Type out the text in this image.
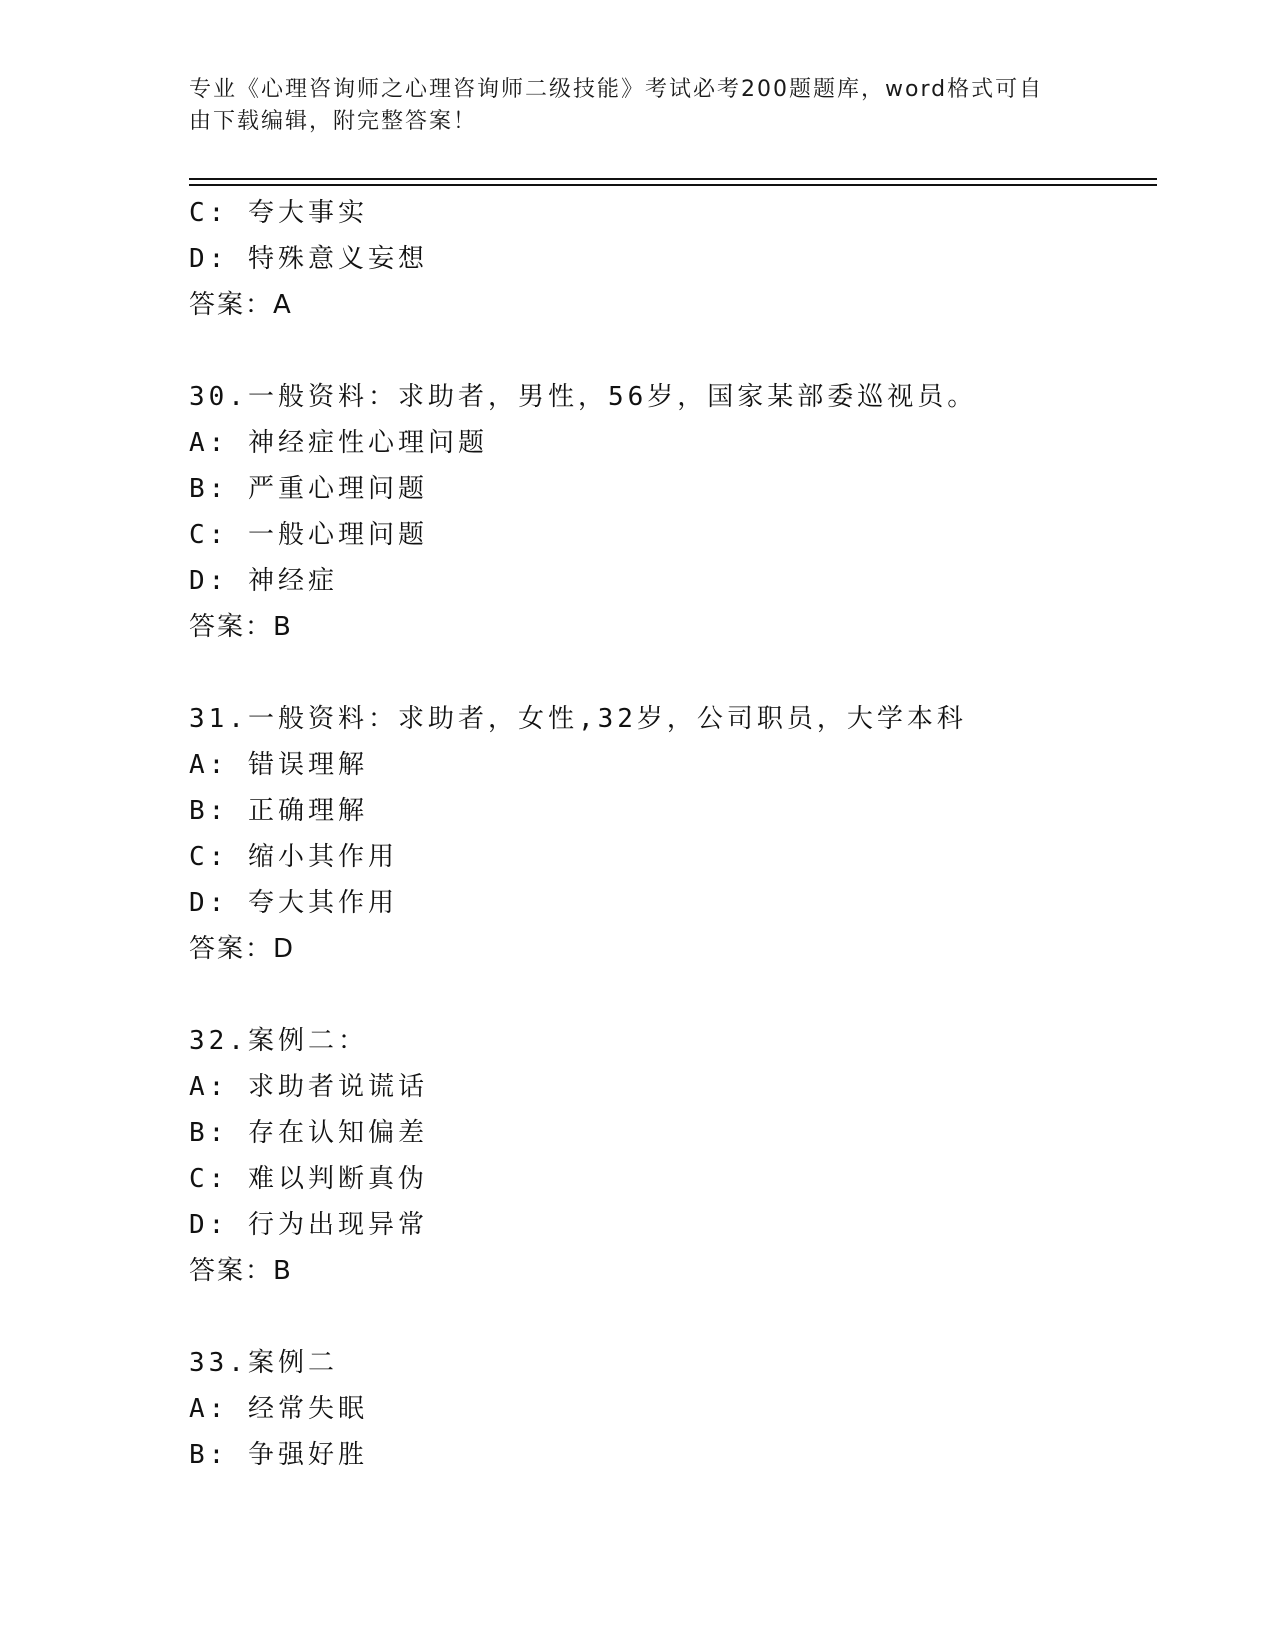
专业《心理咨询师之心理咨询师二级技能》考试必考200题题库，word格式可自
由下载编辑，附完整答案！
C: 夸大事实
D: 特殊意义妄想
答案：A
30.一般资料：求助者，男性，56岁，国家某部委巡视员。
A: 神经症性心理问题
B: 严重心理问题
C: 一般心理问题
D: 神经症
答案：B
31.一般资料：求助者，女性,32岁，公司职员，大学本科
A: 错误理解
B: 正确理解
C: 缩小其作用
D: 夸大其作用
答案：D
32.案例二：
A: 求助者说谎话
B: 存在认知偏差
C: 难以判断真伪
D: 行为出现异常
答案：B
33.案例二
A: 经常失眠
B: 争强好胜
